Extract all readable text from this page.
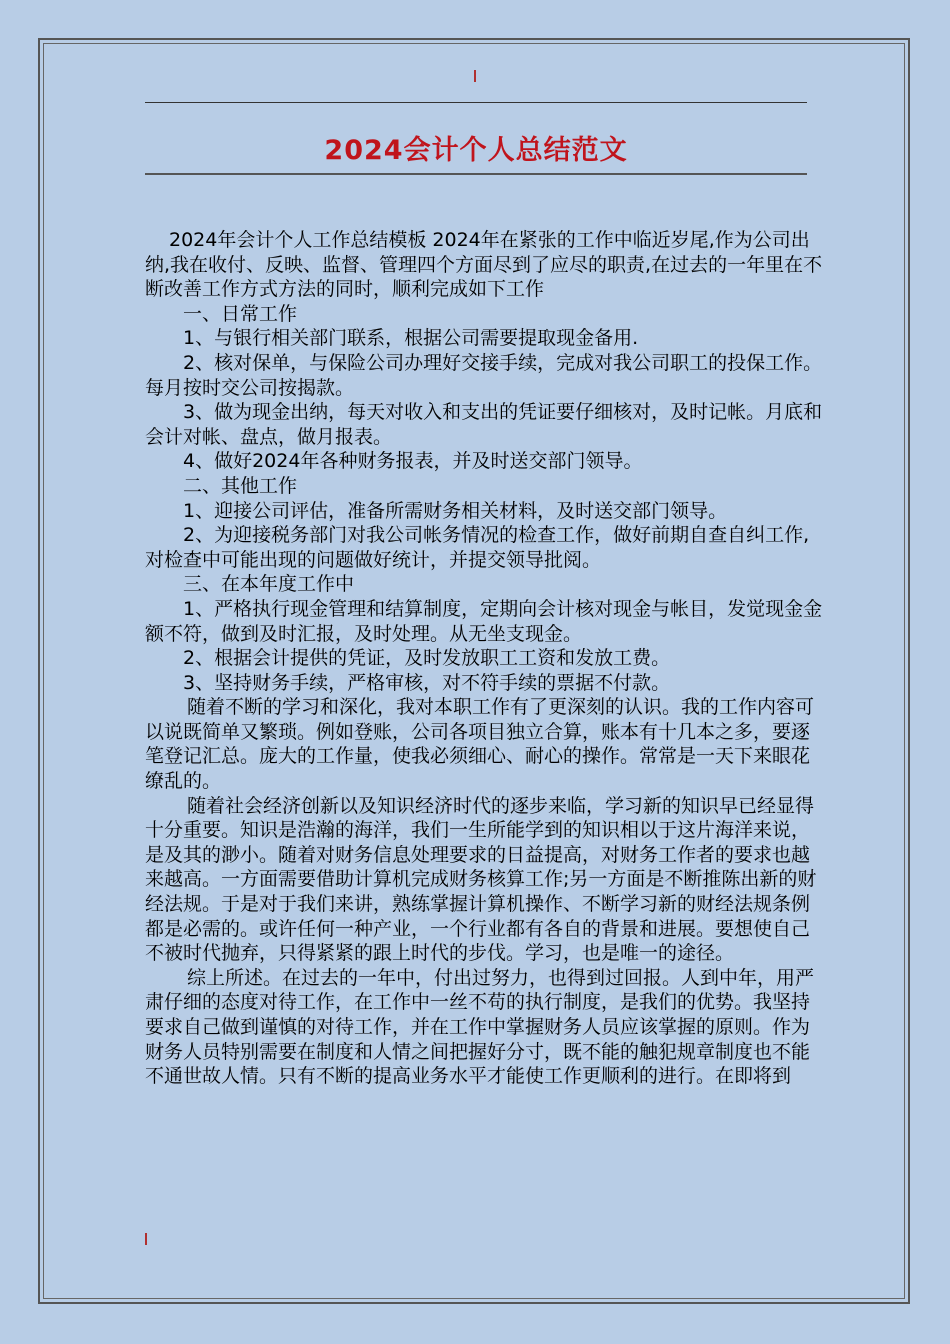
2024会计个人总结范文

2024年会计个人工作总结模板 2024年在紧张的工作中临近岁尾,作为公司出纳,我在收付、反映、监督、管理四个方面尽到了应尽的职责,在过去的一年里在不断改善工作方式方法的同时，顺利完成如下工作

一、日常工作

1、与银行相关部门联系，根据公司需要提取现金备用.

2、核对保单，与保险公司办理好交接手续，完成对我公司职工的投保工作。每月按时交公司按揭款。

3、做为现金出纳，每天对收入和支出的凭证要仔细核对，及时记帐。月底和会计对帐、盘点，做月报表。

4、做好2024年各种财务报表，并及时送交部门领导。

二、其他工作

1、迎接公司评估，准备所需财务相关材料，及时送交部门领导。

2、为迎接税务部门对我公司帐务情况的检查工作，做好前期自查自纠工作,对检查中可能出现的问题做好统计，并提交领导批阅。

三、在本年度工作中

1、严格执行现金管理和结算制度，定期向会计核对现金与帐目，发觉现金金额不符，做到及时汇报，及时处理。从无坐支现金。

2、根据会计提供的凭证，及时发放职工工资和发放工费。

3、坚持财务手续，严格审核，对不符手续的票据不付款。

随着不断的学习和深化，我对本职工作有了更深刻的认识。我的工作内容可以说既简单又繁琐。例如登账，公司各项目独立合算，账本有十几本之多，要逐笔登记汇总。庞大的工作量，使我必须细心、耐心的操作。常常是一天下来眼花缭乱的。

随着社会经济创新以及知识经济时代的逐步来临，学习新的知识早已经显得十分重要。知识是浩瀚的海洋，我们一生所能学到的知识相以于这片海洋来说，是及其的渺小。随着对财务信息处理要求的日益提高，对财务工作者的要求也越来越高。一方面需要借助计算机完成财务核算工作;另一方面是不断推陈出新的财经法规。于是对于我们来讲，熟练掌握计算机操作、不断学习新的财经法规条例都是必需的。或许任何一种产业，一个行业都有各自的背景和进展。要想使自己不被时代抛弃，只得紧紧的跟上时代的步伐。学习，也是唯一的途径。

综上所述。在过去的一年中，付出过努力，也得到过回报。人到中年，用严肃仔细的态度对待工作，在工作中一丝不苟的执行制度，是我们的优势。我坚持要求自己做到谨慎的对待工作，并在工作中掌握财务人员应该掌握的原则。作为财务人员特别需要在制度和人情之间把握好分寸，既不能的触犯规章制度也不能不通世故人情。只有不断的提高业务水平才能使工作更顺利的进行。在即将到
